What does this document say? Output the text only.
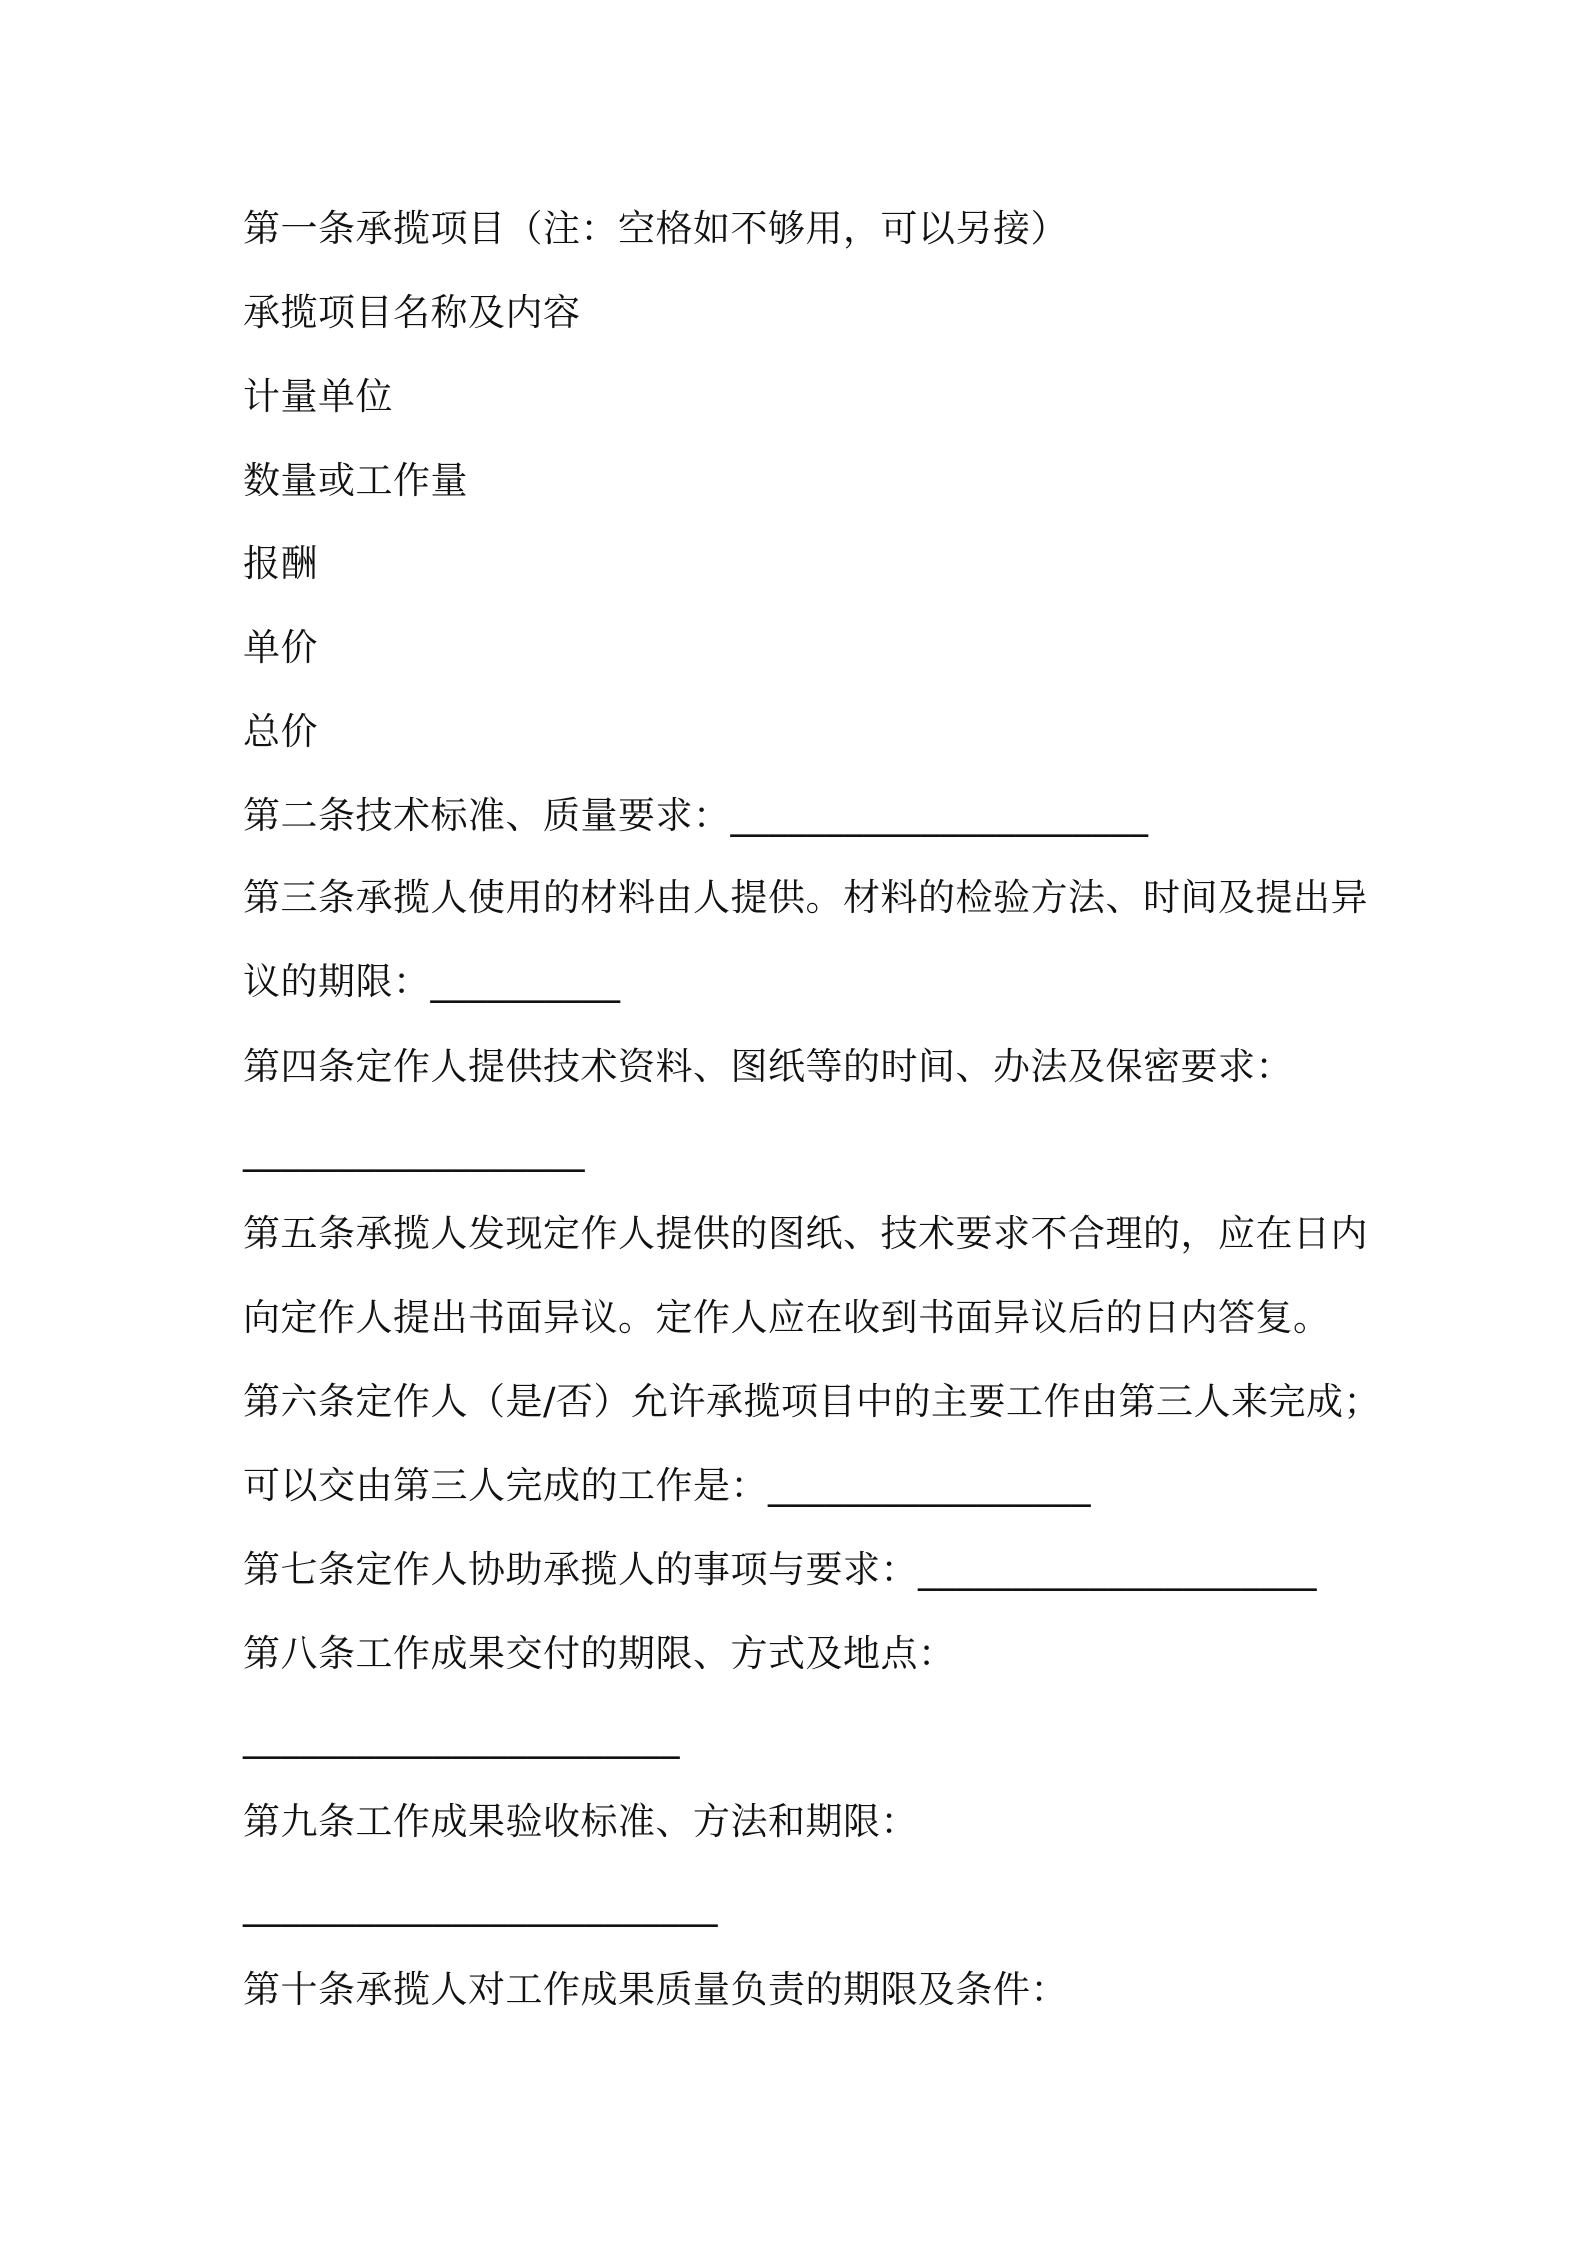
第一条承揽项目（注：空格如不够用，可以另接）

承揽项目名称及内容

计量单位

数量或工作量

报酬

单价

总价

第二条技术标准、质量要求：______________________

第三条承揽人使用的材料由人提供。材料的检验方法、时间及提出异

议的期限：__________

第四条定作人提供技术资料、图纸等的时间、办法及保密要求：

__________________

第五条承揽人发现定作人提供的图纸、技术要求不合理的，应在日内

向定作人提出书面异议。定作人应在收到书面异议后的日内答复。

第六条定作人（是/否）允许承揽项目中的主要工作由第三人来完成；

可以交由第三人完成的工作是：_________________

第七条定作人协助承揽人的事项与要求：_____________________

第八条工作成果交付的期限、方式及地点：

_______________________

第九条工作成果验收标准、方法和期限：

_________________________

第十条承揽人对工作成果质量负责的期限及条件：
